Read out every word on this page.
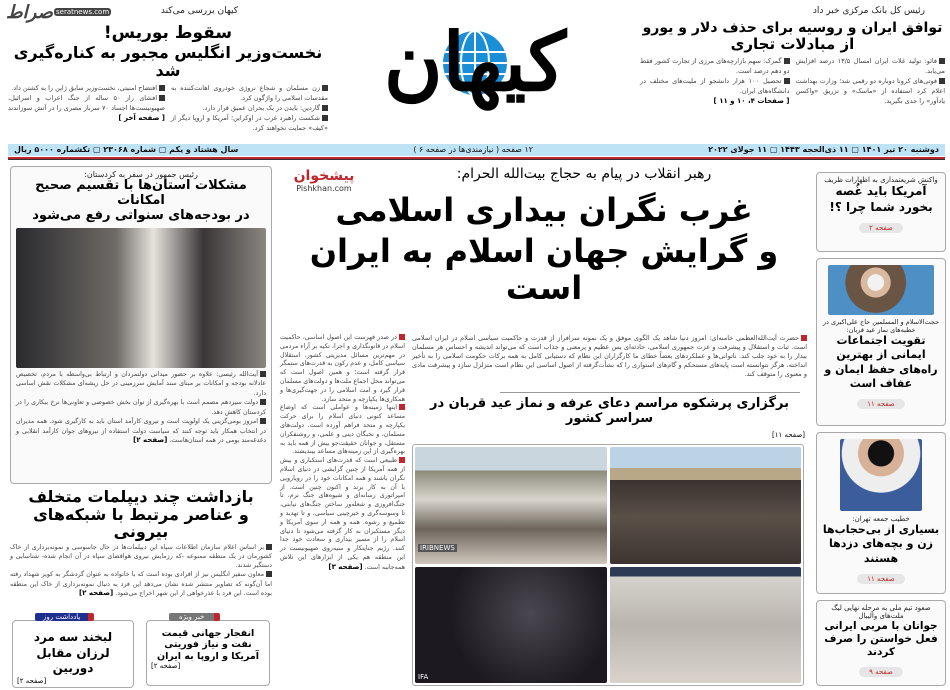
صراط seratnews.com	کیهان بررسی می‌کند
سقوط بوریس!
نخست‌وزیر انگلیس مجبور به کناره‌گیری شد
زن مسلمان و شجاع نروژی خودروی اهانت‌کننده به مقدسات اسلامی را واژگون کرد.
گاردین: بایدن در یک بحران عمیق قرار دارد.
شکست راهبرد غرب در اوکراین؛ آمریکا و اروپا دیگر از «کیف» حمایت نخواهند کرد.
افتضاح امنیتی، نخست‌وزیر سابق ژاپن را به کشتن داد.
افشای راز ۵۰ ساله از جنگ اعراب و اسرائیل، صهیونیست‌ها اجساد ۷۰ سرباز مصری را در آتش سوزاندند [ صفحه آخر ]
کیهان
رئیس کل بانک مرکزی خبر داد
توافق ایران و روسیه برای حذف دلار و یورو
از مبادلات تجاری
فائو: تولید غلات ایران امسال ۱۳/۵ درصد افزایش می‌یابد.
فوتی‌های کرونا دوباره دو رقمی شد؛ وزارت بهداشت اعلام کرد استفاده از «ماسک» و تزریق «واکسن یادآور» را جدی بگیرید.
گمرک: سهم بازارچه‌های مرزی از تجارت کشور فقط دو دهم درصد است.
تحصیل ۱۰۰ هزار دانشجو از ملیت‌های مختلف در دانشگاه‌های ایران.
[ صفحات ۴، ۱۰ و ۱۱ ]
دوشنبه ۲۰ تیر ۱۴۰۱ ▢ ۱۱ ذی‌الحجه ۱۴۴۳ ▢ ۱۱ جولای ۲۰۲۲
۱۲ صفحه ( نیازمندی‌ها در صفحه ۶ )
سال هشتاد و یکم ▢ شماره ۲۳۰۶۸ ▢ تکشماره ۵۰۰۰ ریال
رهبر انقلاب در پیام به حجاج بیت‌الله الحرام:
غرب نگران بیداری اسلامی
و گرایش جهان اسلام به ایران است
پیشخوان
Pishkhan.com
حضرت آیت‌الله‌العظمی خامنه‌ای: امروز دنیا شاهد یک الگوی موفق و یک نمونه سرافراز از قدرت و حاکمیت سیاسی اسلام در ایران اسلامی است. ثبات و استقلال و پیشرفت و عزت جمهوری اسلامی، حادثه‌ای بس عظیم و پرمعنی و جذاب است که می‌تواند اندیشه و احساس هر مسلمان بیدار را به خود جلب کند. ناتوانی‌ها و عملکردهای بعضاً خطای ما کارگزاران این نظام که دستیابی کامل به همه برکات حکومت اسلامی را به تأخیر انداخته، هرگز نتوانسته است پایه‌های مستحکم و گام‌های استواری را که نشأت‌گرفته از اصول اساسی این نظام است متزلزل سازد و پیشرفت مادی و معنوی را متوقف کند.
در صدر فهرست این اصول اساسی، حاکمیت اسلام در قانونگذاری و اجرا، تکیه بر آراء مردمی در مهم‌ترین مسائل مدیریتی کشور، استقلال سیاسی کامل، و عدم رکون به قدرت‌های ستمگر قرار گرفته است؛ و همین اصول است که می‌تواند محل اجماع ملت‌ها و دولت‌های مسلمان قرار گیرد و امت اسلامی را در جهت‌گیری‌ها و همکاری‌ها یکپارچه و متحد سازد.
اینها زمینه‌ها و عواملی است که اوضاع مساعد کنونی دنیای اسلام را برای حرکت یکپارچه و متحد فراهم آورده است. دولت‌های مسلمان، و نخبگان دینی و علمی، و روشنفکران مستقل، و جوانان حقیقت‌جو بیش از همه باید به بهره‌گیری از این زمینه‌های مساعد بیندیشند.
طبیعی است که قدرت‌های استکباری و بیش از همه آمریکا از چنین گرایشی در دنیای اسلام نگران باشند و همه امکانات خود را در رویارویی با آن به کار برند و اکنون چنین است. از امپراتوری رسانه‌ای و شیوه‌های جنگ نرم، تا جنگ‌افروزی و شعله‌ور ساختن جنگ‌های نیابتی، تا وسوسه‌گری و خبرچینی سیاسی، و تا تهدید و تطمیع و رشوه. همه و همه از سوی آمریکا و دیگر مستکبران به کار گرفته می‌شود تا دنیای اسلام را از مسیر بیداری و سعادت خود جدا کنند. رژیم جنایتکار و سیه‌روی صهیونیست در این منطقه هم یکی از ابزارهای این تلاش همه‌جانبه است. [صفحه ۳]
برگزاری پرشکوه مراسم دعای عرفه و نماز عید قربان در سراسر کشور
[صفحه ۱۱]
IRIBNEWS
IFA
رئیس جمهور در سفر به کردستان:
مشکلات استان‌ها با تقسیم صحیح امکانات
در بودجه‌های سنواتی رفع می‌شود
آیت‌الله رئیسی: علاوه بر حضور میدانی دولتمردان و ارتباط بی‌واسطه با مردم، تخصیص عادلانه بودجه و امکانات بر مبنای سند آمایش سرزمینی در حل ریشه‌ای مشکلات نقش اساسی دارد.
دولت سیزدهم مصمم است با بهره‌گیری از توان بخش خصوصی و تعاونی‌ها نرخ بیکاری را در کردستان کاهش دهد.
امروز بومی‌گزینی یک اولویت است و نیروی کارآمد استان باید به کارگیری شود. همه مدیران در انتخاب همکار باید توجه کنند که سیاست دولت استفاده از نیروهای جوان کارآمد انقلابی و دغدغه‌مند بومی در همه استان‌هاست. [صفحه ۲]
بازداشت چند دیپلمات متخلف
و عناصر مرتبط با شبکه‌های بیرونی
بر اساس اعلام سازمان اطلاعات سپاه این دیپلمات‌ها در حال جاسوسی و نمونه‌برداری از خاک کشورمان در یک منطقه ممنوعه -که رزمایش نیروی هوافضای سپاه در آن انجام شده- شناسایی و دستگیر شدند.
معاون سفیر انگلیس نیز از افرادی بوده است که با خانواده به عنوان گردشگر به کویر شهداد رفته اما آن‌گونه که تصاویر منتشر شده نشان می‌دهد این فرد به دنبال نمونه‌برداری از خاک این منطقه بوده است. این فرد با عذرخواهی از این شهر اخراج می‌شود. [صفحه ۲]
یادداشت روز
لبخند سه مرد لرزان مقابل دوربین
[صفحه ۲]
خبر ویژه
انفجار جهانی قیمت نفت و نیاز فوریتی آمریکا و اروپا به ایران
[صفحه ۲]
واکنش شریعتمداری به اظهارات ظریف
آمریکا باید غُصه بخورد شما چرا ؟!
صفحه ۲
حجت‌الاسلام و المسلمین حاج علی‌اکبری در خطبه‌های نماز عید قربان:
تقویت اجتماعات ایمانی از بهترین راه‌های حفظ ایمان و عفاف است
صفحه ۱۱
خطیب جمعه تهران:
بسیاری از بی‌حجاب‌ها زن و بچه‌های دزدها هستند
صفحه ۱۱
صعود تیم ملی به مرحله نهایی لیگ ملت‌های والیبال
جوانان با مربی ایرانی فعل خواستن را صرف کردند
صفحه ۹
